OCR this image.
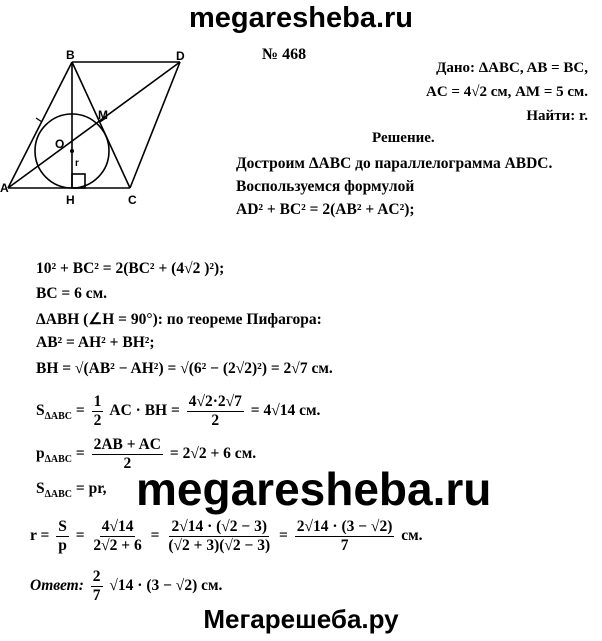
megaresheba.ru
№ 468
B	D
M
O
r
A
H	C
Дано: ΔABC, AB = BC,
AC = 4√2 см, AM = 5 см.
Найти: r.
Решение.
Достроим ΔABC до параллелограмма ABDC.
Воспользуемся формулой
AD² + BC² = 2(AB² + AC²);
10² + BC² = 2(BC² + (4√2 )²);
BC = 6 см.
ΔABH (∠H = 90°): по теореме Пифагора:
AB² = AH² + BH²;
BH = √(AB² − AH²) = √(6² − (2√2)²) = 2√7 см.
$S_{\Delta ABC} = \frac{1}{2}$ AC · BH = $\frac{4√2\cdot 2√7}{2} = 4√14$ см.
$p_{\Delta ABC} = \frac{2AB + AC}{2} = 2√2 + 6$ см.
$S_{\Delta ABC}$ = pr, megaresheba.ru
$r = \frac{S}{p} = \frac{4√14}{2√2 + 6} = \frac{2√14 \cdot (√2 - 3)}{(√2 + 3)(√2 - 3)} = \frac{2√14 \cdot (3 - √2)}{7}$ см.
Ответ: $\frac{2}{7} √14 \cdot (3 - √2)$ см.
Мегарешеба.ру
